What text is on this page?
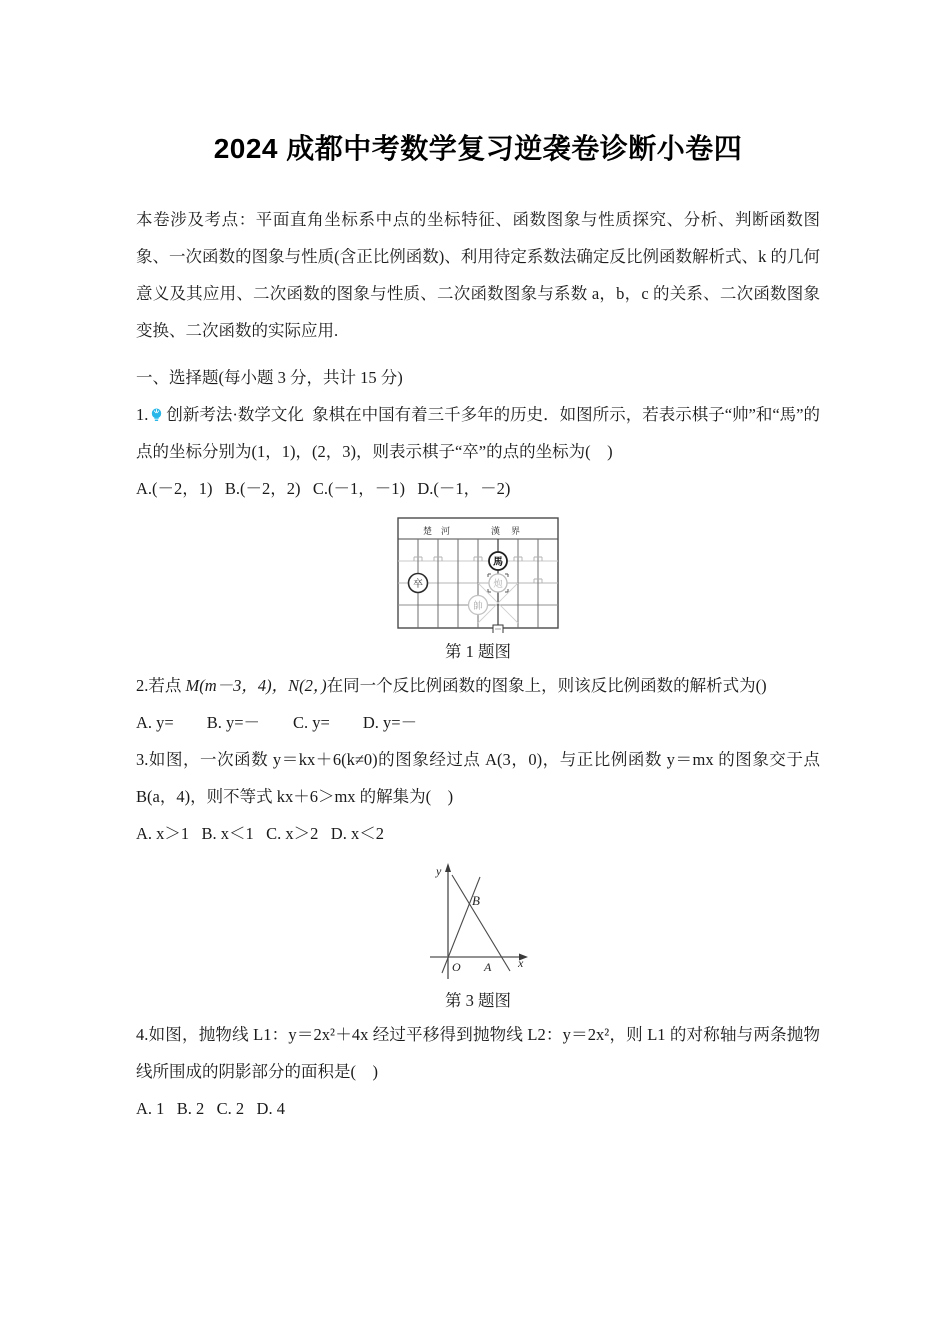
2024 成都中考数学复习逆袭卷诊断小卷四

本卷涉及考点：平面直角坐标系中点的坐标特征、函数图象与性质探究、分析、判断函数图象、一次函数的图象与性质(含正比例函数)、利用待定系数法确定反比例函数解析式、k 的几何意义及其应用、二次函数的图象与性质、二次函数图象与系数 a，b，c 的关系、二次函数图象变换、二次函数的实际应用.

一、选择题(每小题 3 分，共计 15 分)

1. 创新考法·数学文化 象棋在中国有着三千多年的历史．如图所示，若表示棋子“帅”和“馬”的点的坐标分别为(1，1)，(2，3)，则表示棋子“卒”的点的坐标为( )

A.(－2，1)   B.(－2，2)   C.(－1，－1)   D.(－1，－2)

楚 河	漢 界
卒
馬
炮
帥

第 1 题图

2.若点 M(m－3，4)，N(2，)在同一个反比例函数的图象上，则该反比例函数的解析式为()

A. y=        B. y=－        C. y=        D. y=－

3.如图，一次函数 y＝kx＋6(k≠0)的图象经过点 A(3，0)，与正比例函数 y＝mx 的图象交于点 B(a，4)，则不等式 kx＋6＞mx 的解集为( )

A. x＞1   B. x＜1   C. x＞2   D. x＜2

y
x
O A
B

第 3 题图

4.如图，抛物线 L1：y＝2x²＋4x 经过平移得到抛物线 L2：y＝2x²，则 L1 的对称轴与两条抛物线所围成的阴影部分的面积是( )

A. 1   B. 2   C. 2   D. 4
